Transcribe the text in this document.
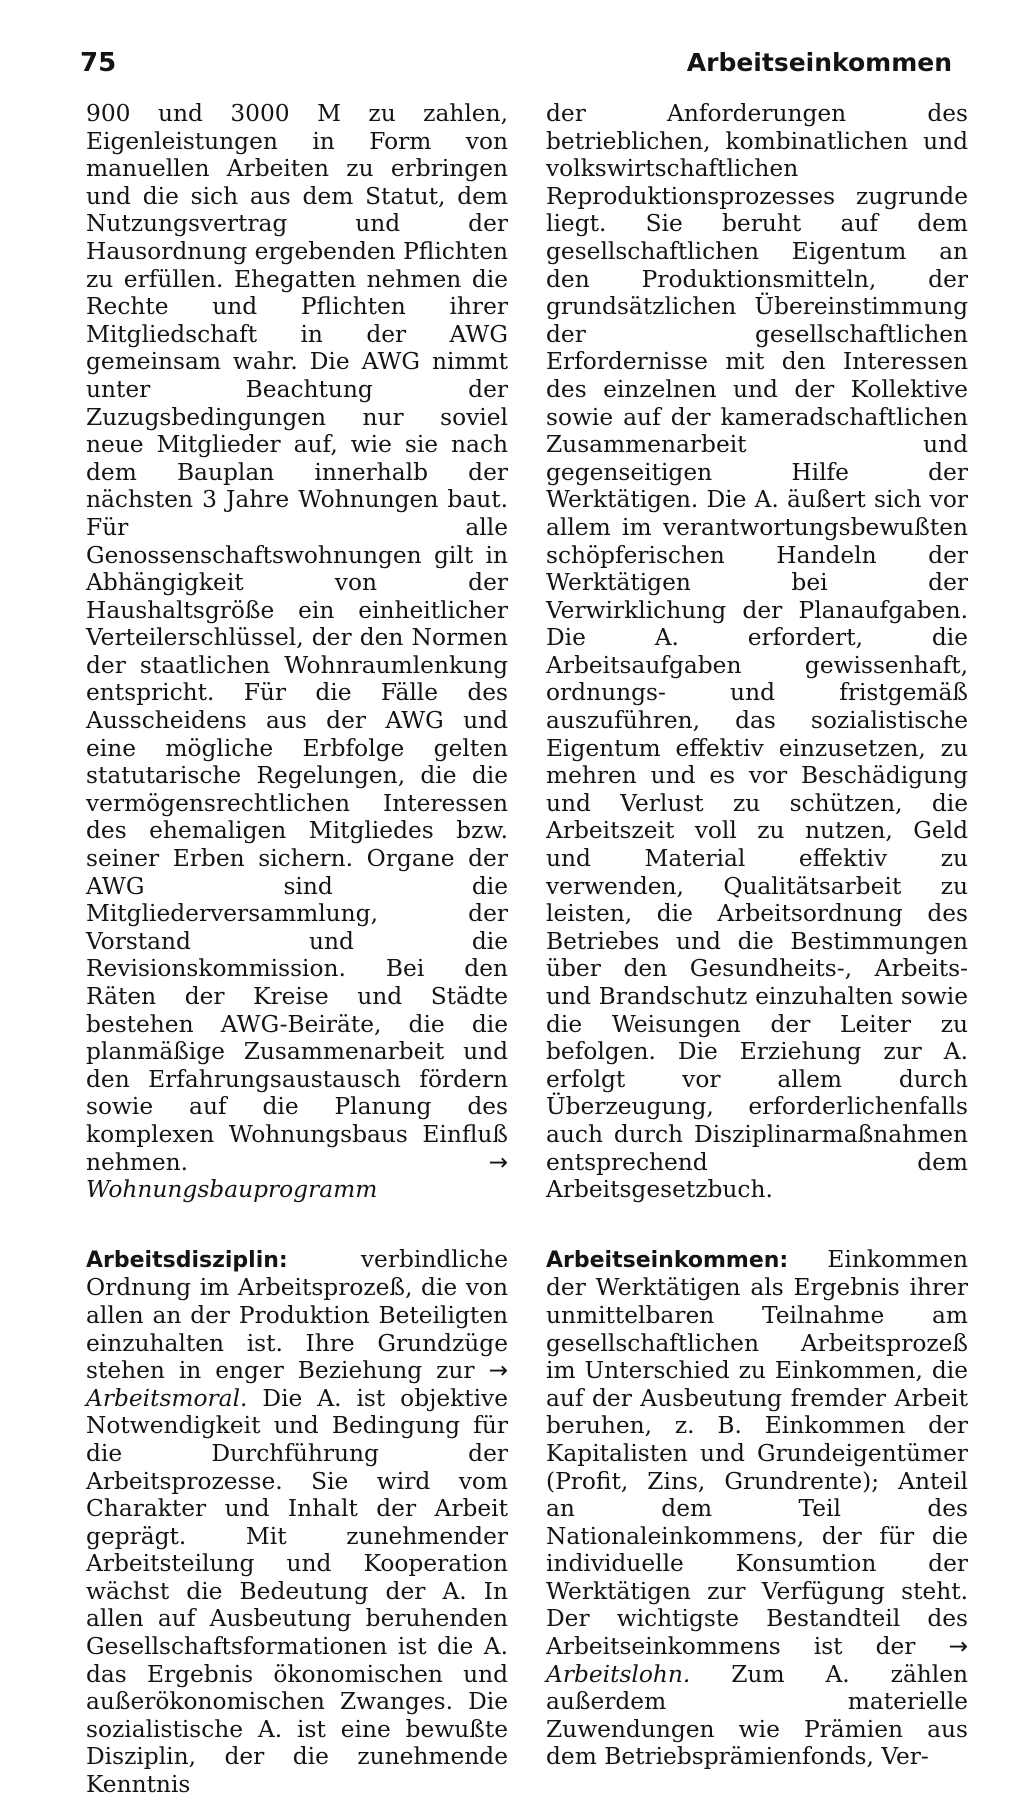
75	Arbeitseinkommen

900 und 3000 M zu zahlen, Eigenleistungen in Form von manuellen Arbeiten zu erbringen und die sich aus dem Statut, dem Nutzungsvertrag und der Hausordnung ergebenden Pflichten zu erfüllen. Ehegatten nehmen die Rechte und Pflichten ihrer Mitgliedschaft in der AWG gemeinsam wahr. Die AWG nimmt unter Beachtung der Zuzugsbedingungen nur soviel neue Mitglieder auf, wie sie nach dem Bauplan innerhalb der nächsten 3 Jahre Wohnungen baut. Für alle Genossenschaftswohnungen gilt in Abhängigkeit von der Haushaltsgröße ein einheitlicher Verteilerschlüssel, der den Normen der staatlichen Wohnraumlenkung entspricht. Für die Fälle des Ausscheidens aus der AWG und eine mögliche Erbfolge gelten statutarische Regelungen, die die vermögensrechtlichen Interessen des ehemaligen Mitgliedes bzw. seiner Erben sichern. Organe der AWG sind die Mitgliederversammlung, der Vorstand und die Revisionskommission. Bei den Räten der Kreise und Städte bestehen AWG-Beiräte, die die planmäßige Zusammenarbeit und den Erfahrungsaustausch fördern sowie auf die Planung des komplexen Wohnungsbaus Einfluß nehmen.	→ Wohnungsbauprogramm

Arbeitsdisziplin:	verbindliche Ordnung im Arbeitsprozeß, die von allen an der Produktion Beteiligten einzuhalten ist. Ihre Grundzüge stehen in enger Beziehung zur → Arbeitsmoral. Die A. ist objektive Notwendigkeit und Bedingung für die Durchführung der Arbeitsprozesse. Sie wird vom Charakter und Inhalt der Arbeit geprägt. Mit zunehmender Arbeitsteilung und Kooperation wächst die Bedeutung der A. In allen auf Ausbeutung beruhenden Gesellschaftsformationen ist die A. das Ergebnis ökonomischen und außerökonomischen Zwanges. Die sozialistische A. ist eine bewußte Disziplin, der die zunehmende Kenntnis

der Anforderungen des betrieblichen, kombinatlichen und volkswirtschaftlichen Reproduktionsprozesses zugrunde liegt. Sie beruht auf dem gesellschaftlichen Eigentum an den Produktionsmitteln, der grundsätzlichen Übereinstimmung der gesellschaftlichen Erfordernisse mit den Interessen des einzelnen und der Kollektive sowie auf der kameradschaftlichen Zusammenarbeit und gegenseitigen Hilfe der Werktätigen. Die A. äußert sich vor allem im verantwortungsbewußten schöpferischen Handeln der Werktätigen bei der Verwirklichung der Planaufgaben. Die A. erfordert, die Arbeitsaufgaben gewissenhaft, ordnungs- und fristgemäß auszuführen, das sozialistische Eigentum effektiv einzusetzen, zu mehren und es vor Beschädigung und Verlust zu schützen, die Arbeitszeit voll zu nutzen, Geld und Material effektiv zu verwenden, Qualitätsarbeit zu leisten, die Arbeitsordnung des Betriebes und die Bestimmungen über den Gesundheits-, Arbeits- und Brandschutz einzuhalten sowie die Weisungen der Leiter zu befolgen. Die Erziehung zur A. erfolgt vor allem durch Überzeugung, erforderlichenfalls auch durch Disziplinarmaßnahmen entsprechend dem Arbeitsgesetzbuch.

Arbeitseinkommen: Einkommen der Werktätigen als Ergebnis ihrer unmittelbaren Teilnahme am gesellschaftlichen Arbeitsprozeß im Unterschied zu Einkommen, die auf der Ausbeutung fremder Arbeit beruhen, z. B. Einkommen der Kapitalisten und Grundeigentümer (Profit, Zins, Grundrente); Anteil an dem Teil des Nationaleinkommens, der für die individuelle Konsumtion der Werktätigen zur Verfügung steht. Der wichtigste Bestandteil des Arbeitseinkommens ist der → Arbeitslohn. Zum A. zählen außerdem materielle Zuwendungen wie Prämien aus dem Betriebsprämienfonds, Ver-
